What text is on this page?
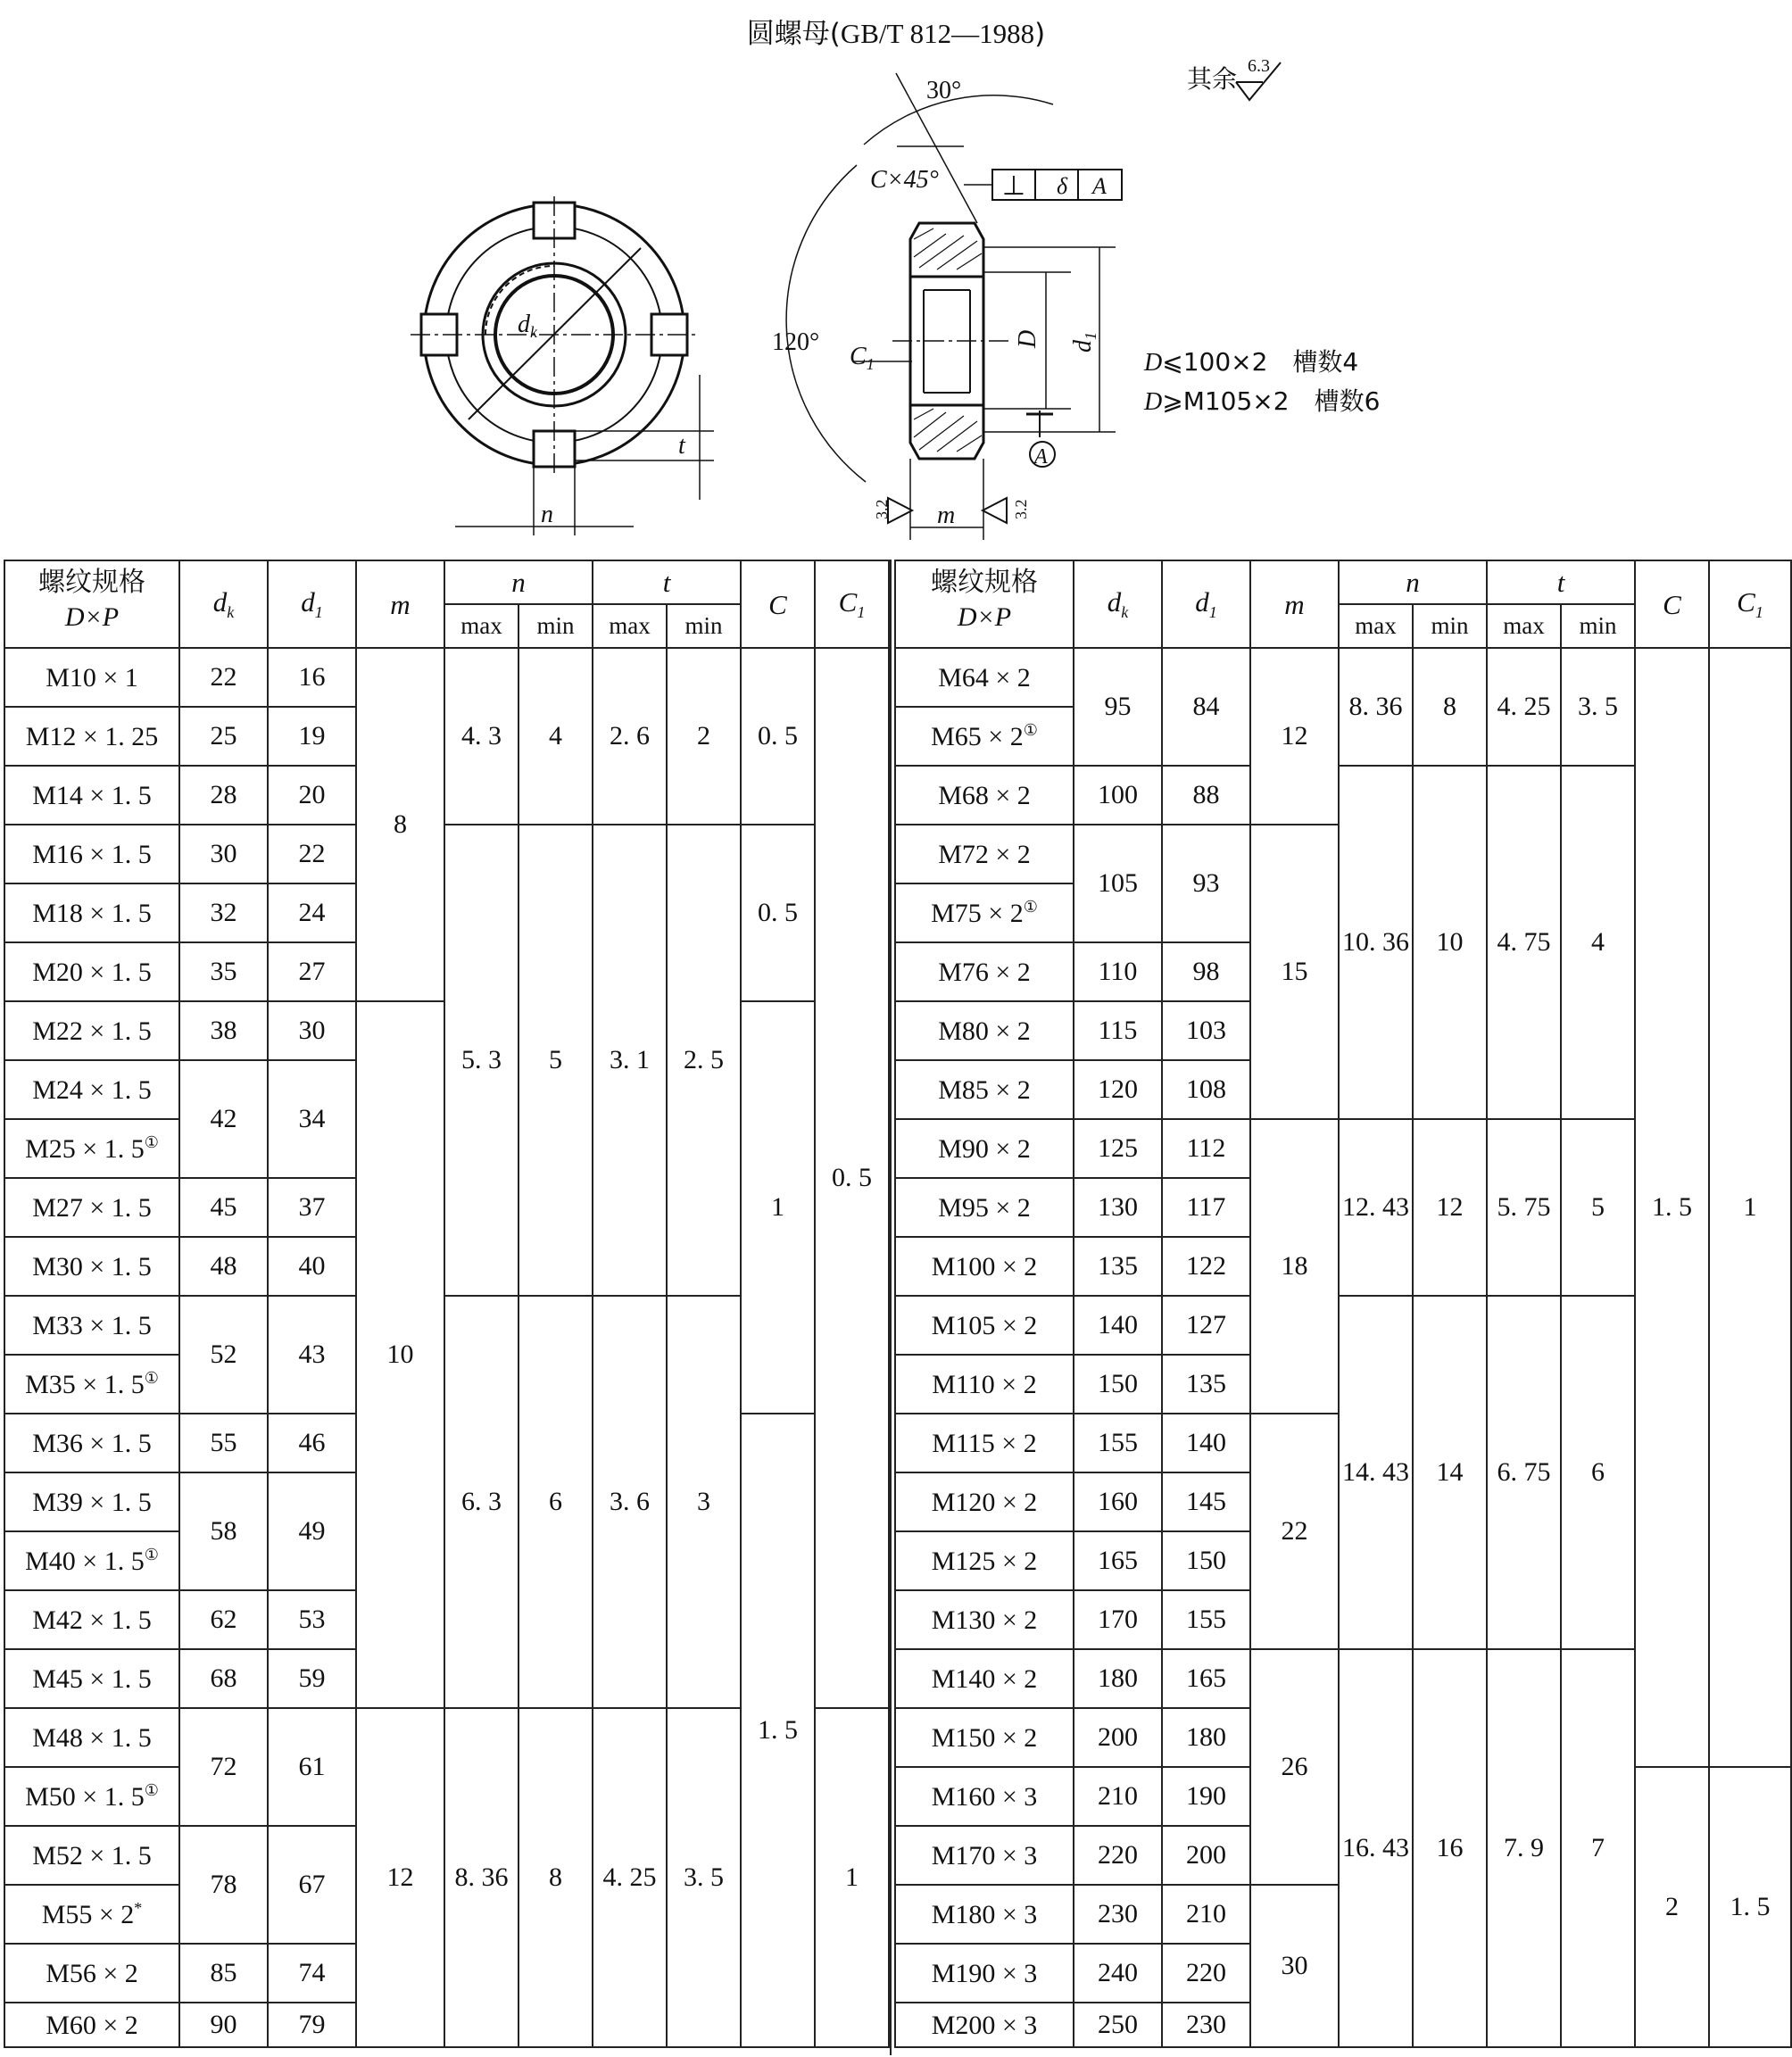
圆螺母(GB/T 812—1988)
$d_k$
t
n	m
C×45°
$C_1$
D $d_1$
A
δ A
⊥
30°
120°
其余 6.3
3.2	3.2
D⩽100×2　槽数4
D⩾M105×2　槽数6
螺纹规格
D×P	$d_k$	$d_1$	m	n		t		C	$C_1$
				max	min	max	min		
M10 × 1	22	16	8	4. 3	4	2. 6	2	0. 5	0. 5
M12 × 1. 25	25	19							
M14 × 1. 5	28	20							
M16 × 1. 5	30	22		5. 3	5	3. 1	2. 5	0. 5	
M18 × 1. 5	32	24							
M20 × 1. 5	35	27							
M22 × 1. 5	38	30	10					1	
M24 × 1. 5	42	34							
M25 × 1. 5①
M27 × 1. 5	45	37							
M30 × 1. 5	48	40							
M33 × 1. 5	52	43		6. 3	6	3. 6	3		
M35 × 1. 5①
M36 × 1. 5	55	46						1. 5	
M39 × 1. 5	58	49							
M40 × 1. 5①
M42 × 1. 5	62	53							
M45 × 1. 5	68	59							
M48 × 1. 5	72	61	12	8. 36	8	4. 25	3. 5		1
M50 × 1. 5①
M52 × 1. 5	78	67							
M55 × 2*
M56 × 2	85	74							
M60 × 2	90	79							
螺纹规格
D×P	$d_k$	$d_1$	m	n		t		C	$C_1$
				max	min	max	min		
M64 × 2	95	84	12	8. 36	8	4. 25	3. 5	1. 5	1
M65 × 2①
M68 × 2	100	88		10. 36	10	4. 75	4		
M72 × 2	105	93	15						
M75 × 2①
M76 × 2	110	98							
M80 × 2	115	103							
M85 × 2	120	108							
M90 × 2	125	112	18	12. 43	12	5. 75	5		
M95 × 2	130	117							
M100 × 2	135	122							
M105 × 2	140	127		14. 43	14	6. 75	6		
M110 × 2	150	135							
M115 × 2	155	140	22						
M120 × 2	160	145							
M125 × 2	165	150							
M130 × 2	170	155							
M140 × 2	180	165	26	16. 43	16	7. 9	7		
M150 × 2	200	180							
M160 × 3	210	190						2	1. 5
M170 × 3	220	200							
M180 × 3	230	210	30						
M190 × 3	240	220							
M200 × 3	250	230							
